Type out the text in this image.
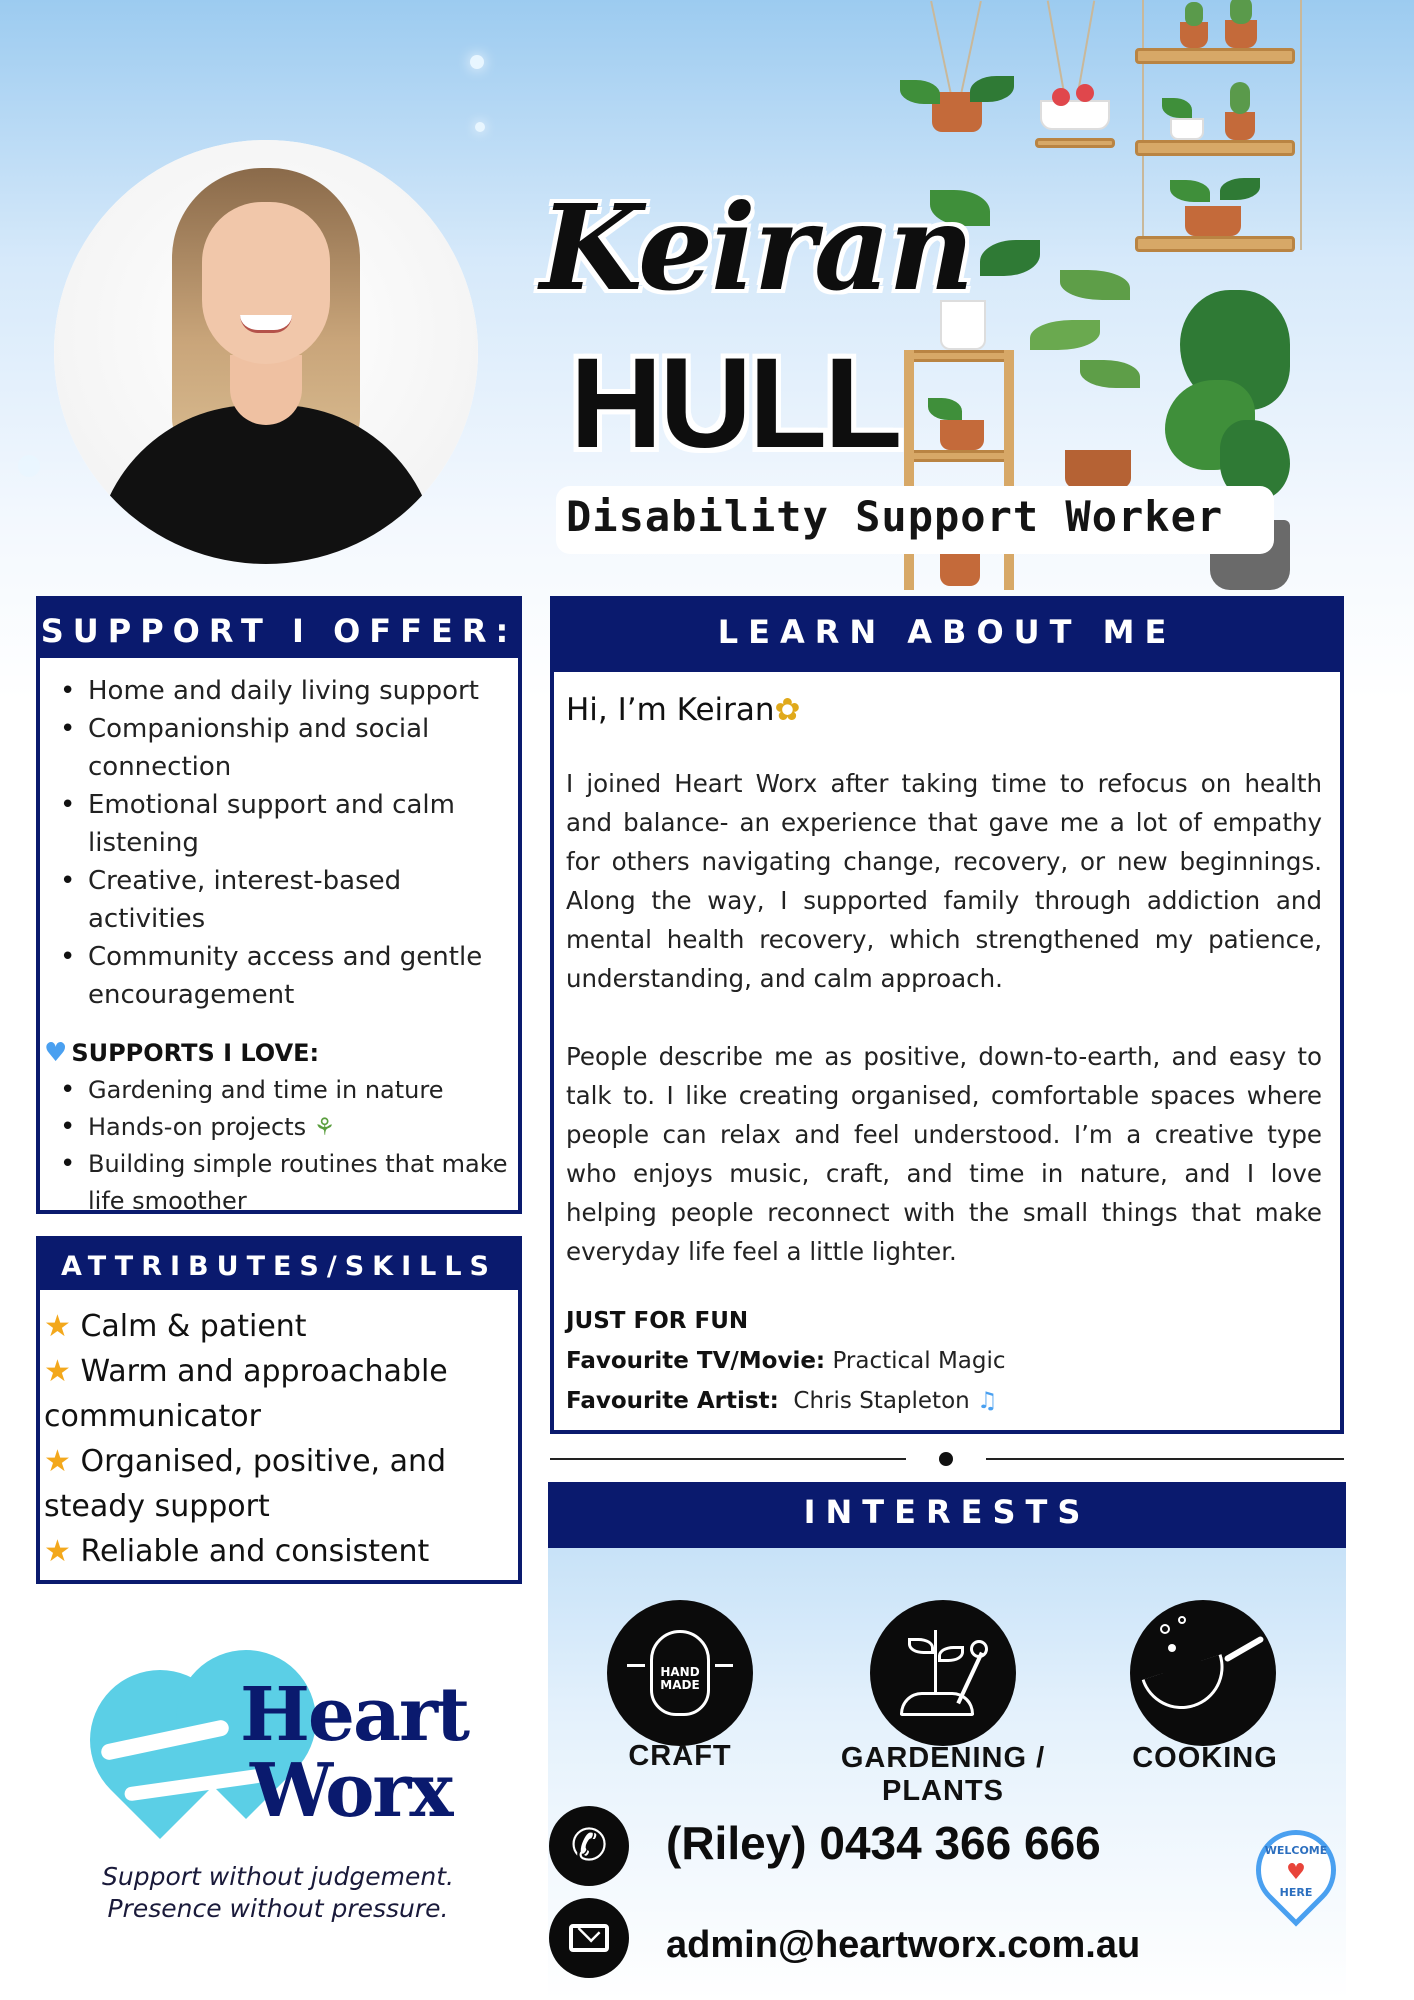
Keiran
HULL
Disability Support Worker
SUPPORT I OFFER:
• Home and daily living support
• Companionship and social connection
• Emotional support and calm listening
• Creative, interest-based activities
• Community access and gentle encouragement
♥ SUPPORTS I LOVE:
• Gardening and time in nature
• Hands-on projects ⚘
• Building simple routines that make life smoother
ATTRIBUTES/SKILLS
★ Calm & patient
★ Warm and approachable communicator
★ Organised, positive, and steady support
★ Reliable and consistent
LEARN ABOUT ME
Hi, I’m Keiran✿

I joined Heart Worx after taking time to refocus on health and balance- an experience that gave me a lot of empathy for others navigating change, recovery, or new beginnings. Along the way, I supported family through addiction and mental health recovery, which strengthened my patience, understanding, and calm approach.

People describe me as positive, down-to-earth, and easy to talk to. I like creating organised, comfortable spaces where people can relax and feel understood. I’m a creative type who enjoys music, craft, and time in nature, and I love helping people reconnect with the small things that make everyday life feel a little lighter.

JUST FOR FUN
Favourite TV/Movie: Practical Magic
Favourite Artist: Chris Stapleton ♫
INTERESTS
HAND
MADE
CRAFT	GARDENING / PLANTS
COOKING
✆	(Riley) 0434 366 666
admin@heartworx.com.au
WELCOME
♥
HERE
Heart
Worx
Support without judgement.
Presence without pressure.
